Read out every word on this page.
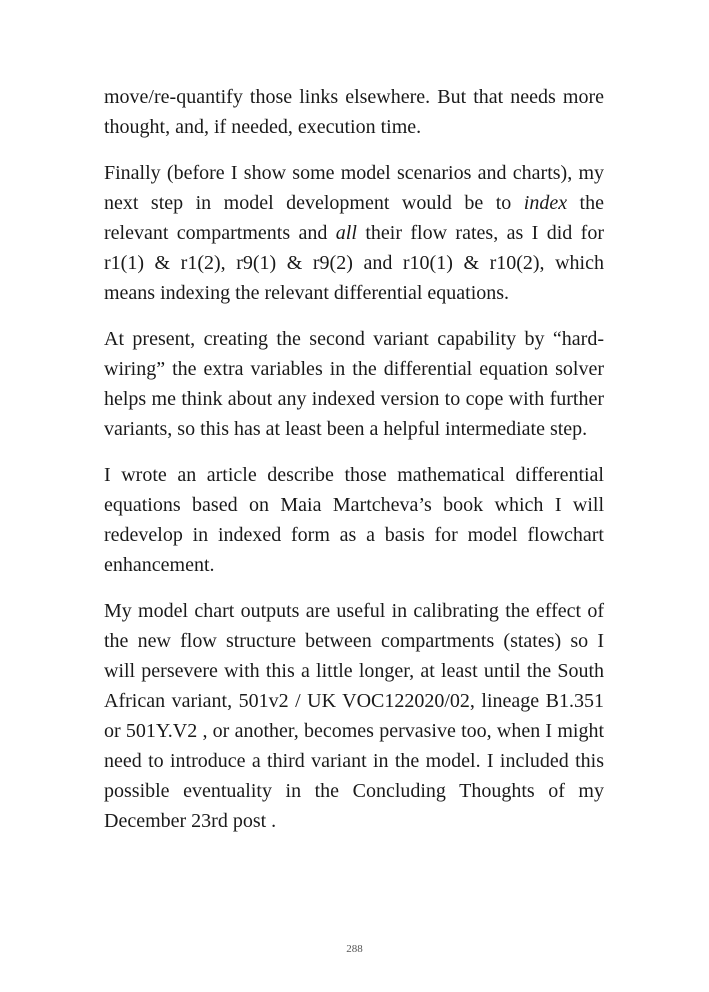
move/re-quantify those links elsewhere. But that needs more thought, and, if needed, execution time.

Finally (before I show some model scenarios and charts), my next step in model development would be to index the relevant compartments and all their flow rates, as I did for r1(1) & r1(2), r9(1) & r9(2) and r10(1) & r10(2), which means indexing the relevant differential equations.

At present, creating the second variant capability by “hard-wiring” the extra variables in the differential equation solver helps me think about any indexed version to cope with further variants, so this has at least been a helpful intermediate step.

I wrote an article describe those mathematical differential equations based on Maia Martcheva’s book which I will redevelop in indexed form as a basis for model flowchart enhancement.

My model chart outputs are useful in calibrating the effect of the new flow structure between compartments (states) so I will persevere with this a little longer, at least until the South African variant, 501v2 / UK VOC122020/02, lineage B1.351 or 501Y.V2 , or another, becomes pervasive too, when I might need to introduce a third variant in the model. I included this possible eventuality in the Concluding Thoughts of my December 23rd post .

288
